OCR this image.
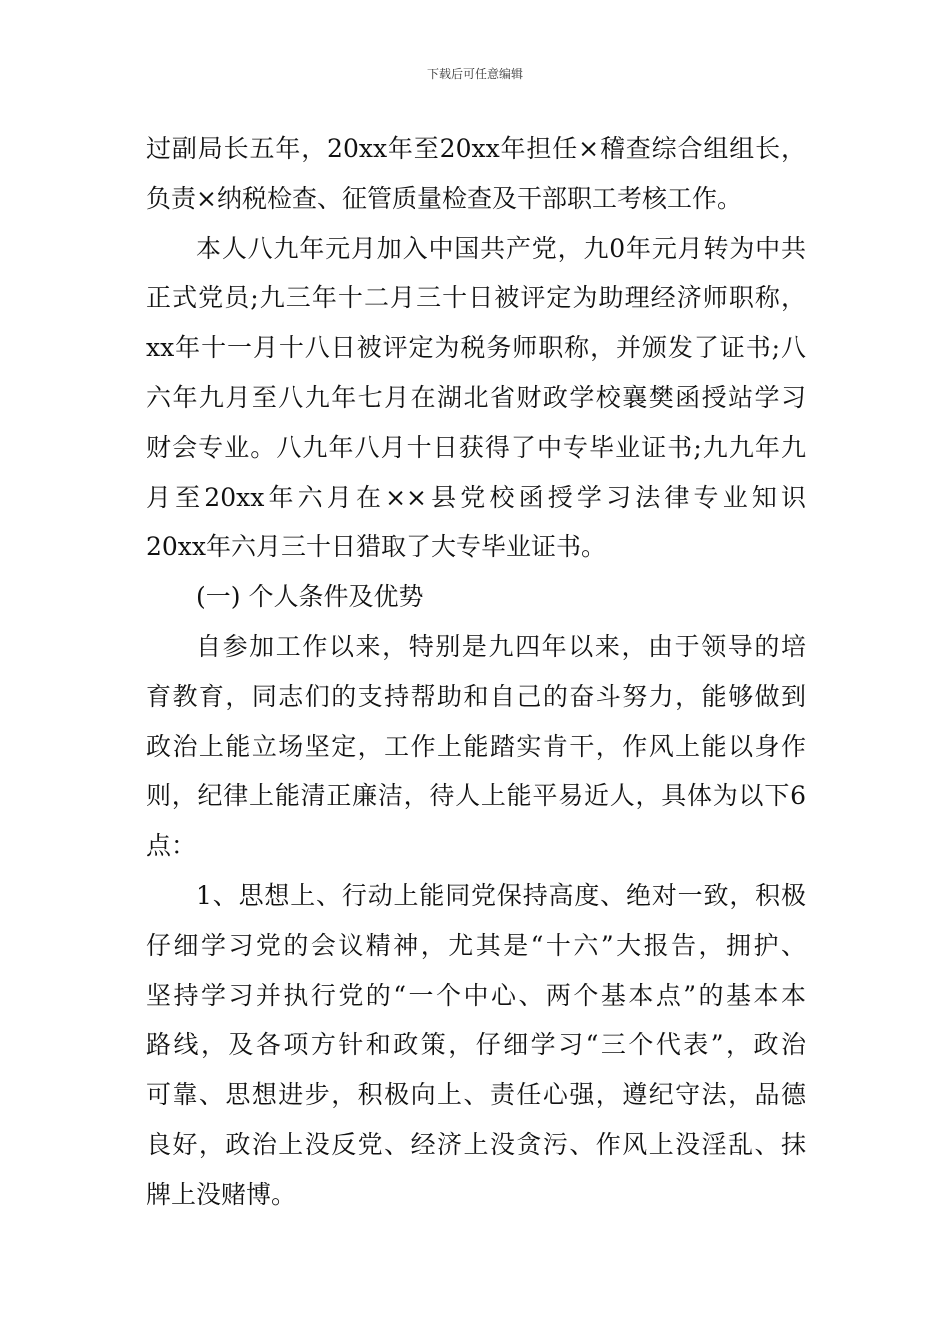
下载后可任意编辑
过副局长五年，20xx年至20xx年担任×稽查综合组组长，
负责×纳税检查、征管质量检查及干部职工考核工作。
本人八九年元月加入中国共产党，九0年元月转为中共
正式党员;九三年十二月三十日被评定为助理经济师职称，
xx年十一月十八日被评定为税务师职称，并颁发了证书;八
六年九月至八九年七月在湖北省财政学校襄樊函授站学习
财会专业。八九年八月十日获得了中专毕业证书;九九年九
月至20xx年六月在××县党校函授学习法律专业知识
20xx年六月三十日猎取了大专毕业证书。
(一) 个人条件及优势
自参加工作以来，特别是九四年以来，由于领导的培
育教育，同志们的支持帮助和自己的奋斗努力，能够做到
政治上能立场坚定，工作上能踏实肯干，作风上能以身作
则，纪律上能清正廉洁，待人上能平易近人，具体为以下6
点：
1、思想上、行动上能同党保持高度、绝对一致，积极
仔细学习党的会议精神，尤其是“十六”大报告，拥护、
坚持学习并执行党的“一个中心、两个基本点”的基本本
路线，及各项方针和政策，仔细学习“三个代表”，政治
可靠、思想进步，积极向上、责任心强，遵纪守法，品德
良好，政治上没反党、经济上没贪污、作风上没淫乱、抹
牌上没赌博。
